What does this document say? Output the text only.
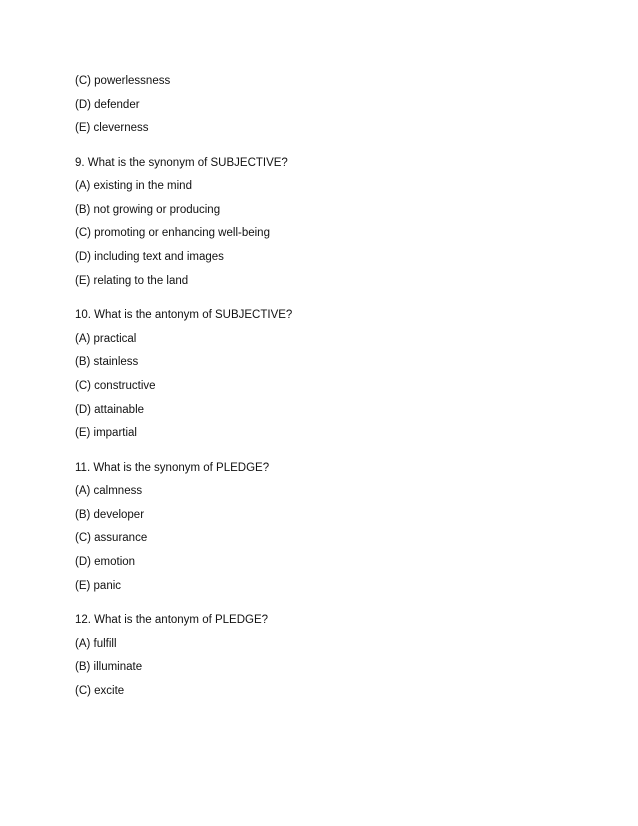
(C) powerlessness
(D) defender
(E) cleverness
9. What is the synonym of SUBJECTIVE?
(A) existing in the mind
(B) not growing or producing
(C) promoting or enhancing well-being
(D) including text and images
(E) relating to the land
10. What is the antonym of SUBJECTIVE?
(A) practical
(B) stainless
(C) constructive
(D) attainable
(E) impartial
11. What is the synonym of PLEDGE?
(A) calmness
(B) developer
(C) assurance
(D) emotion
(E) panic
12. What is the antonym of PLEDGE?
(A) fulfill
(B) illuminate
(C) excite
